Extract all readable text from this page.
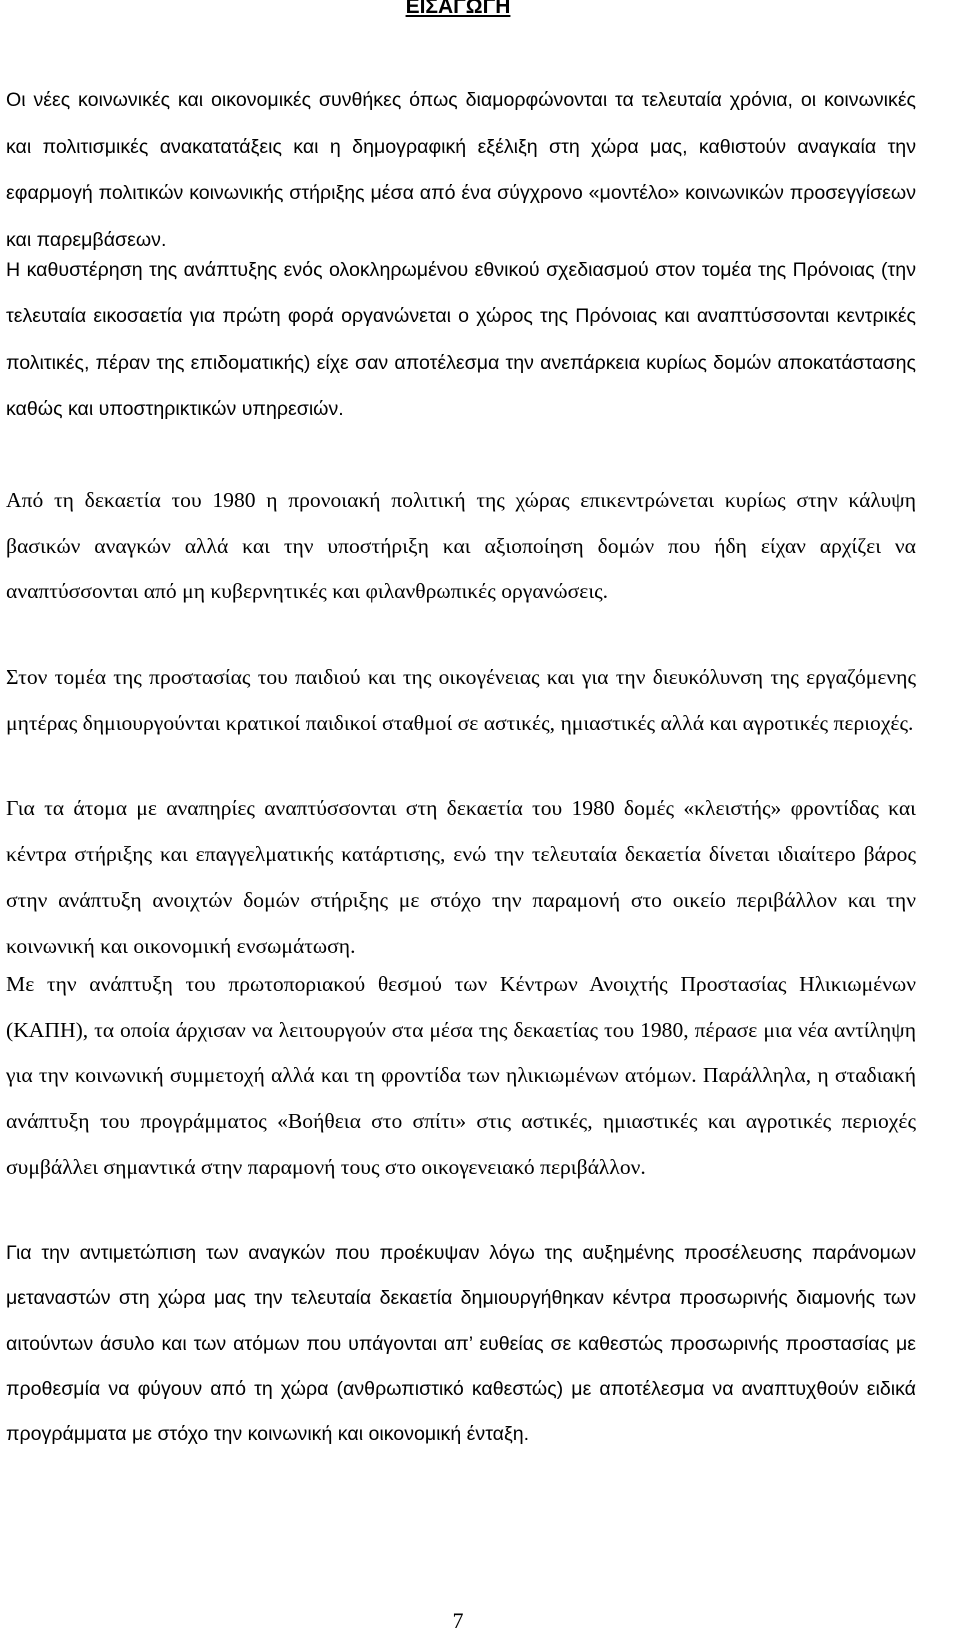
ΕΙΣΑΓΩΓΗ

Οι νέες κοινωνικές και οικονομικές συνθήκες όπως διαμορφώνονται τα τελευταία χρόνια, οι κοινωνικές και πολιτισμικές ανακατατάξεις και η δημογραφική εξέλιξη στη χώρα μας, καθιστούν αναγκαία την εφαρμογή πολιτικών κοινωνικής στήριξης μέσα από ένα σύγχρονο «μοντέλο» κοινωνικών προσεγγίσεων και παρεμβάσεων.

Η καθυστέρηση της ανάπτυξης ενός ολοκληρωμένου εθνικού σχεδιασμού στον τομέα της Πρόνοιας (την τελευταία εικοσαετία για πρώτη φορά οργανώνεται ο χώρος της Πρόνοιας και αναπτύσσονται κεντρικές πολιτικές, πέραν της επιδοματικής) είχε σαν αποτέλεσμα την ανεπάρκεια κυρίως δομών αποκατάστασης καθώς και υποστηρικτικών υπηρεσιών.

Από τη δεκαετία του 1980 η προνοιακή πολιτική της χώρας επικεντρώνεται κυρίως στην κάλυψη βασικών αναγκών αλλά και την υποστήριξη και αξιοποίηση δομών που ήδη είχαν αρχίζει να αναπτύσσονται από μη κυβερνητικές και φιλανθρωπικές οργανώσεις.

Στον τομέα της προστασίας του παιδιού και της οικογένειας και για την διευκόλυνση της εργαζόμενης μητέρας δημιουργούνται κρατικοί παιδικοί σταθμοί σε αστικές, ημιαστικές αλλά και αγροτικές περιοχές.

Για τα άτομα με αναπηρίες αναπτύσσονται στη δεκαετία του 1980 δομές «κλειστής» φροντίδας και κέντρα στήριξης και επαγγελματικής κατάρτισης, ενώ την τελευταία δεκαετία δίνεται ιδιαίτερο βάρος στην ανάπτυξη ανοιχτών δομών στήριξης με στόχο την παραμονή στο οικείο περιβάλλον και την κοινωνική και οικονομική ενσωμάτωση.

Με την ανάπτυξη του πρωτοποριακού θεσμού των Κέντρων Ανοιχτής Προστασίας Ηλικιωμένων (ΚΑΠΗ), τα οποία άρχισαν να λειτουργούν στα μέσα της δεκαετίας του 1980, πέρασε μια νέα αντίληψη για την κοινωνική συμμετοχή αλλά και τη φροντίδα των ηλικιωμένων ατόμων. Παράλληλα, η σταδιακή ανάπτυξη του προγράμματος «Βοήθεια στο σπίτι» στις αστικές, ημιαστικές και αγροτικές περιοχές συμβάλλει σημαντικά στην παραμονή τους στο οικογενειακό περιβάλλον.

Για την αντιμετώπιση των αναγκών που προέκυψαν λόγω της αυξημένης προσέλευσης παράνομων μεταναστών στη χώρα μας την τελευταία δεκαετία δημιουργήθηκαν κέντρα προσωρινής διαμονής των αιτούντων άσυλο και των ατόμων που υπάγονται απ’ ευθείας σε καθεστώς προσωρινής προστασίας με προθεσμία να φύγουν από τη χώρα (ανθρωπιστικό καθεστώς) με αποτέλεσμα να αναπτυχθούν ειδικά προγράμματα με στόχο την κοινωνική και οικονομική ένταξη.

7
